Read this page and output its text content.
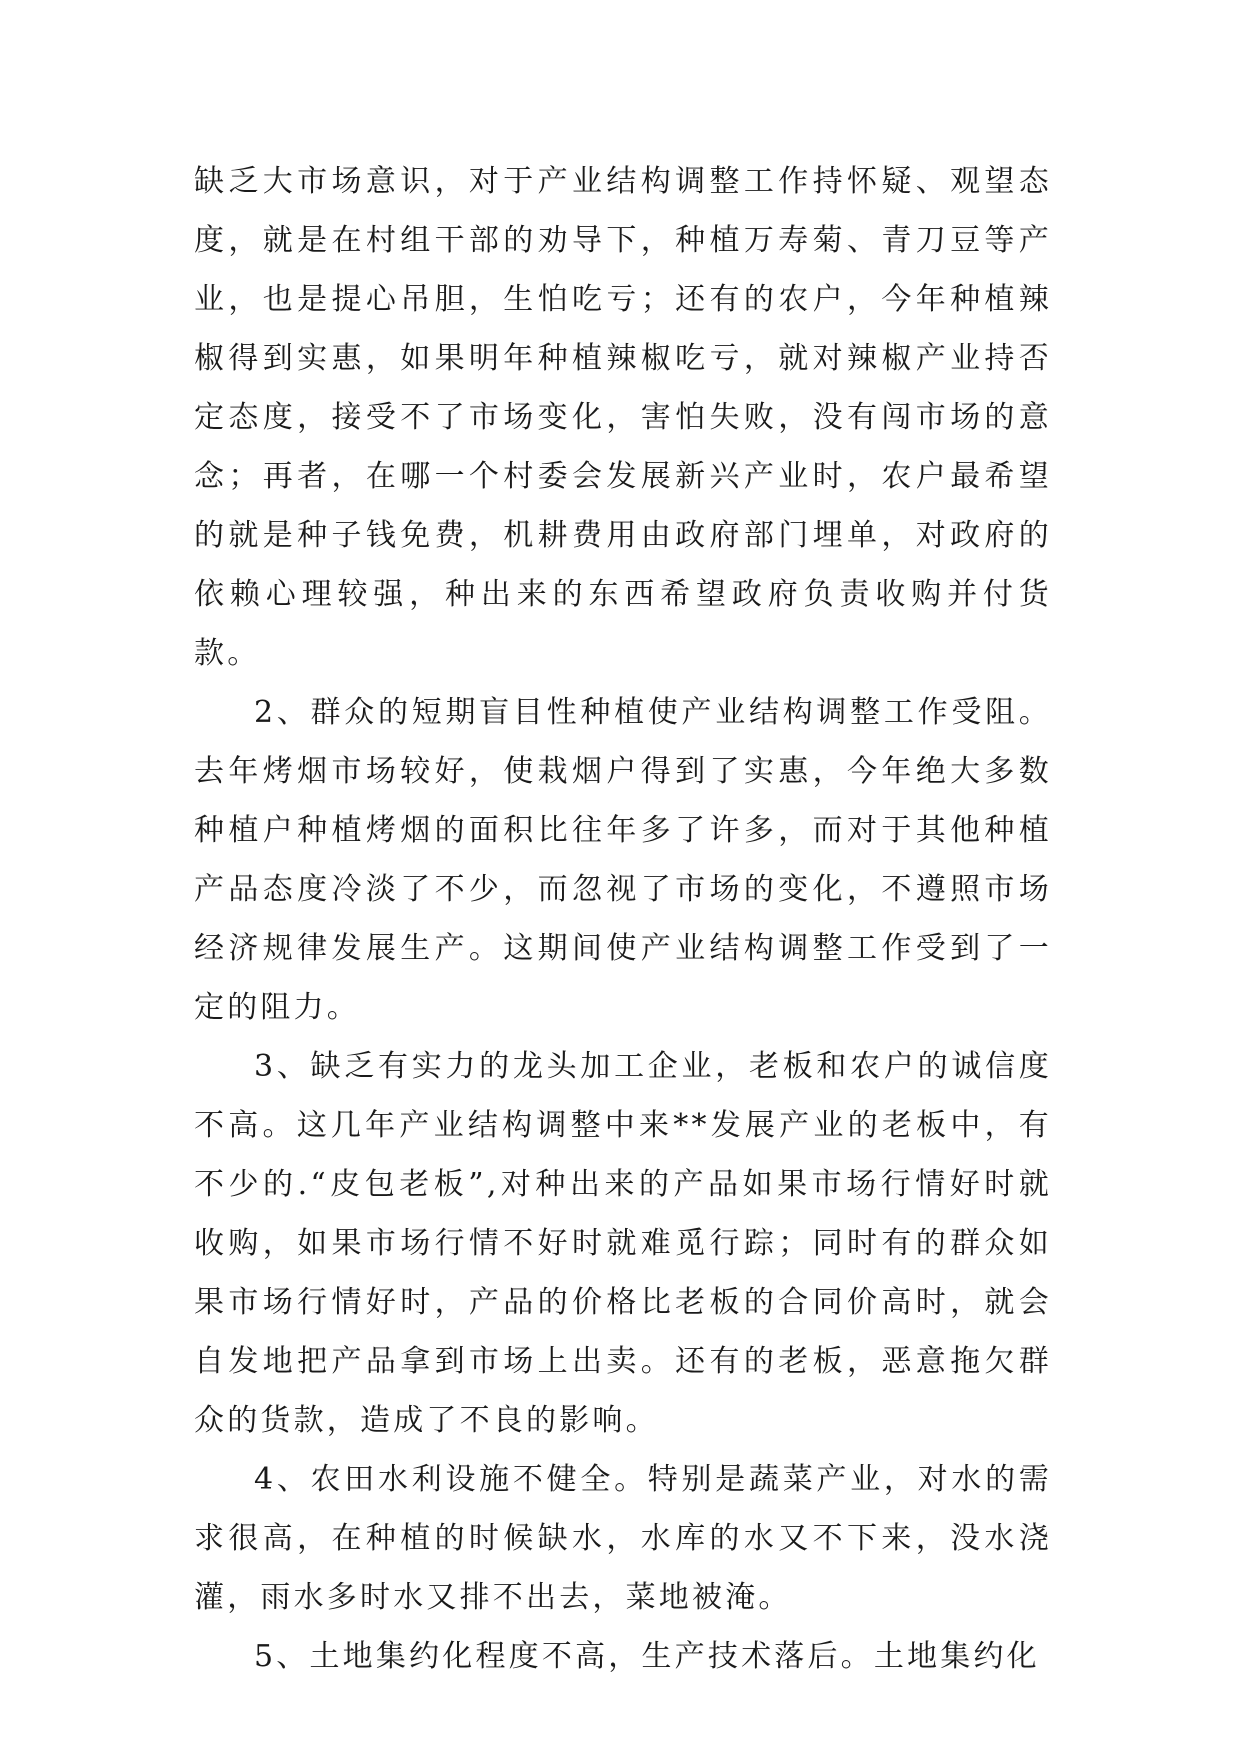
缺乏大市场意识，对于产业结构调整工作持怀疑、观望态度，就是在村组干部的劝导下，种植万寿菊、青刀豆等产业，也是提心吊胆，生怕吃亏；还有的农户，今年种植辣椒得到实惠，如果明年种植辣椒吃亏，就对辣椒产业持否定态度，接受不了市场变化，害怕失败，没有闯市场的意念；再者，在哪一个村委会发展新兴产业时，农户最希望的就是种子钱免费，机耕费用由政府部门埋单，对政府的依赖心理较强，种出来的东西希望政府负责收购并付货款。

2、群众的短期盲目性种植使产业结构调整工作受阻。去年烤烟市场较好，使栽烟户得到了实惠，今年绝大多数种植户种植烤烟的面积比往年多了许多，而对于其他种植产品态度冷淡了不少，而忽视了市场的变化，不遵照市场经济规律发展生产。这期间使产业结构调整工作受到了一定的阻力。

3、缺乏有实力的龙头加工企业，老板和农户的诚信度不高。这几年产业结构调整中来**发展产业的老板中，有不少的.“皮包老板”,对种出来的产品如果市场行情好时就收购，如果市场行情不好时就难觅行踪；同时有的群众如果市场行情好时，产品的价格比老板的合同价高时，就会自发地把产品拿到市场上出卖。还有的老板，恶意拖欠群众的货款，造成了不良的影响。

4、农田水利设施不健全。特别是蔬菜产业，对水的需求很高，在种植的时候缺水，水库的水又不下来，没水浇灌，雨水多时水又排不出去，菜地被淹。

5、土地集约化程度不高，生产技术落后。土地集约化
